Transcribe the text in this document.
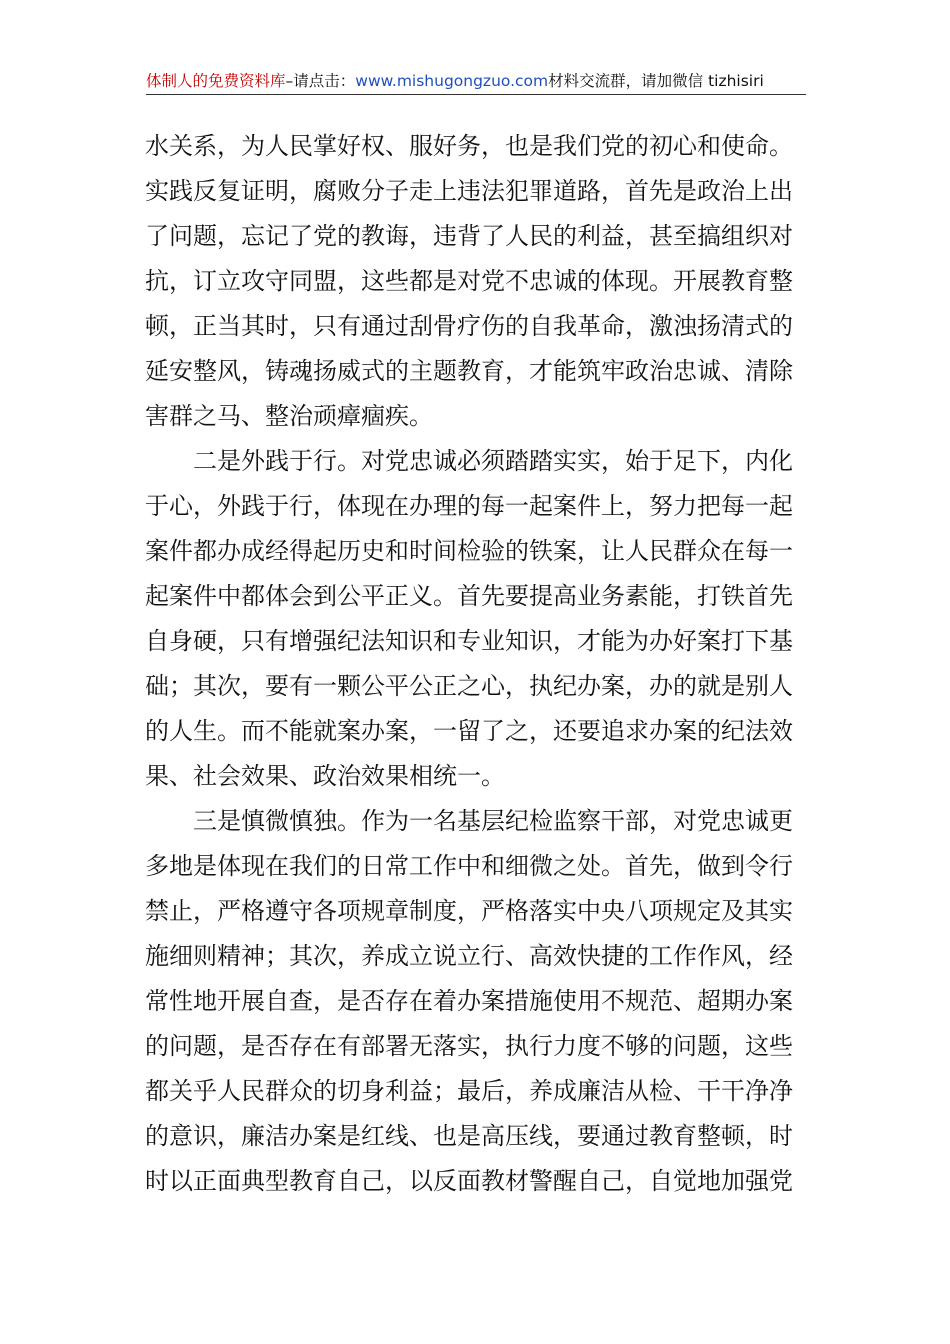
体制人的免费资料库–请点击：www.mishugongzuo.com材料交流群，请加微信 tizhisiri
水关系，为人民掌好权、服好务，也是我们党的初心和使命。
实践反复证明，腐败分子走上违法犯罪道路，首先是政治上出
了问题，忘记了党的教诲，违背了人民的利益，甚至搞组织对
抗，订立攻守同盟，这些都是对党不忠诚的体现。开展教育整
顿，正当其时，只有通过刮骨疗伤的自我革命，激浊扬清式的
延安整风，铸魂扬威式的主题教育，才能筑牢政治忠诚、清除
害群之马、整治顽瘴痼疾。
二是外践于行。对党忠诚必须踏踏实实，始于足下，内化
于心，外践于行，体现在办理的每一起案件上，努力把每一起
案件都办成经得起历史和时间检验的铁案，让人民群众在每一
起案件中都体会到公平正义。首先要提高业务素能，打铁首先
自身硬，只有增强纪法知识和专业知识，才能为办好案打下基
础；其次，要有一颗公平公正之心，执纪办案，办的就是别人
的人生。而不能就案办案，一留了之，还要追求办案的纪法效
果、社会效果、政治效果相统一。
三是慎微慎独。作为一名基层纪检监察干部，对党忠诚更
多地是体现在我们的日常工作中和细微之处。首先，做到令行
禁止，严格遵守各项规章制度，严格落实中央八项规定及其实
施细则精神；其次，养成立说立行、高效快捷的工作作风，经
常性地开展自查，是否存在着办案措施使用不规范、超期办案
的问题，是否存在有部署无落实，执行力度不够的问题，这些
都关乎人民群众的切身利益；最后，养成廉洁从检、干干净净
的意识，廉洁办案是红线、也是高压线，要通过教育整顿，时
时以正面典型教育自己，以反面教材警醒自己，自觉地加强党
